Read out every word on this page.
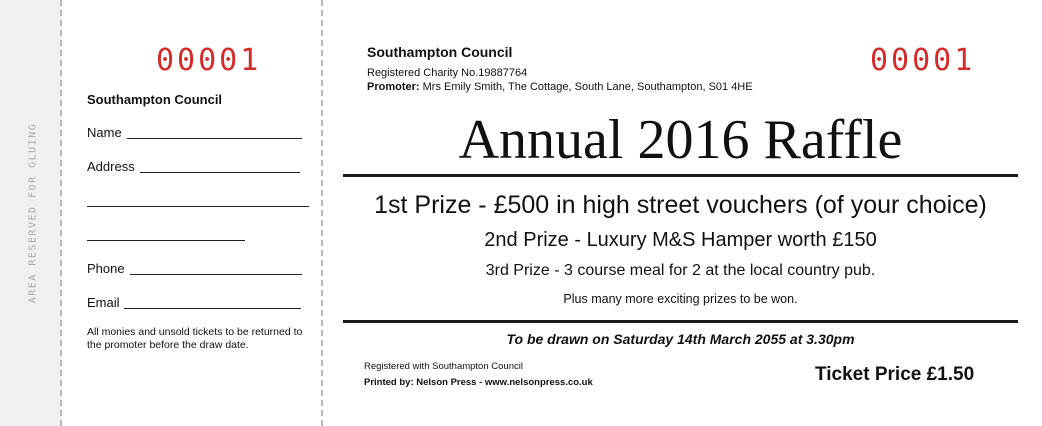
AREA RESERVED FOR GLUING
00001
Southampton Council
Name
Address
Phone
Email
All monies and unsold tickets to be returned to the promoter before the draw date.
Southampton Council	00001
Registered Charity No.19887764
Promoter: Mrs Emily Smith, The Cottage, South Lane, Southampton, S01 4HE
Annual 2016 Raffle
1st Prize - £500 in high street vouchers (of your choice)
2nd Prize - Luxury M&S Hamper worth £150
3rd Prize - 3 course meal for 2 at the local country pub.
Plus many more exciting prizes to be won.
To be drawn on Saturday 14th March 2055 at 3.30pm
Registered with Southampton Council
Printed by: Nelson Press - www.nelsonpress.co.uk	Ticket Price £1.50
